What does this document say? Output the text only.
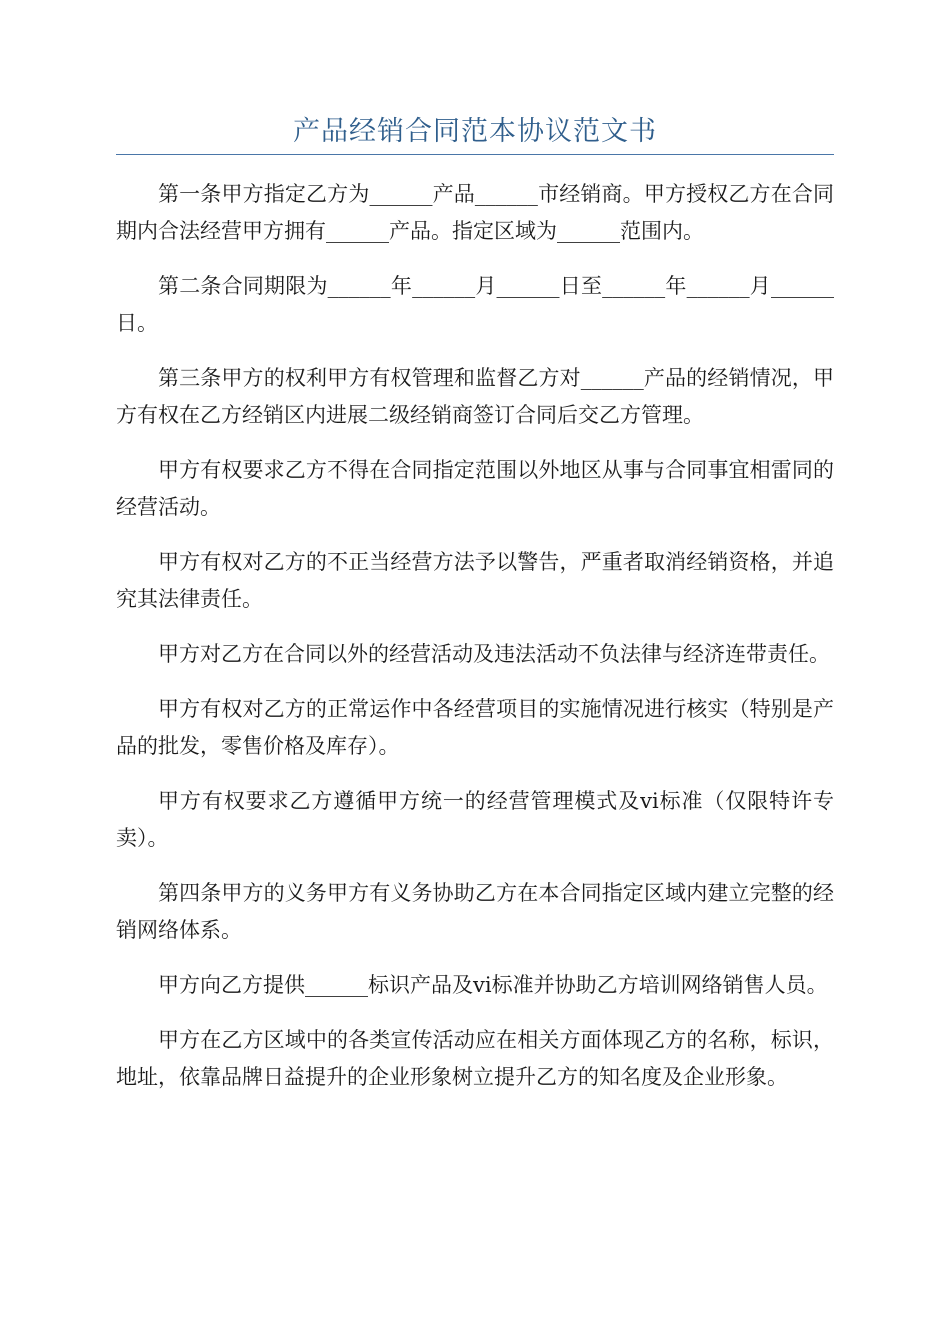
产品经销合同范本协议范文书

第一条甲方指定乙方为______产品______市经销商。甲方授权乙方在合同期内合法经营甲方拥有______产品。指定区域为______范围内。

第二条合同期限为______年______月______日至______年______月______日。

第三条甲方的权利甲方有权管理和监督乙方对______产品的经销情况，甲方有权在乙方经销区内进展二级经销商签订合同后交乙方管理。

甲方有权要求乙方不得在合同指定范围以外地区从事与合同事宜相雷同的经营活动。

甲方有权对乙方的不正当经营方法予以警告，严重者取消经销资格，并追究其法律责任。

甲方对乙方在合同以外的经营活动及违法活动不负法律与经济连带责任。

甲方有权对乙方的正常运作中各经营项目的实施情况进行核实（特别是产品的批发，零售价格及库存）。

甲方有权要求乙方遵循甲方统一的经营管理模式及vi标准（仅限特许专卖）。

第四条甲方的义务甲方有义务协助乙方在本合同指定区域内建立完整的经销网络体系。

甲方向乙方提供______标识产品及vi标准并协助乙方培训网络销售人员。

甲方在乙方区域中的各类宣传活动应在相关方面体现乙方的名称，标识，地址，依靠品牌日益提升的企业形象树立提升乙方的知名度及企业形象。
